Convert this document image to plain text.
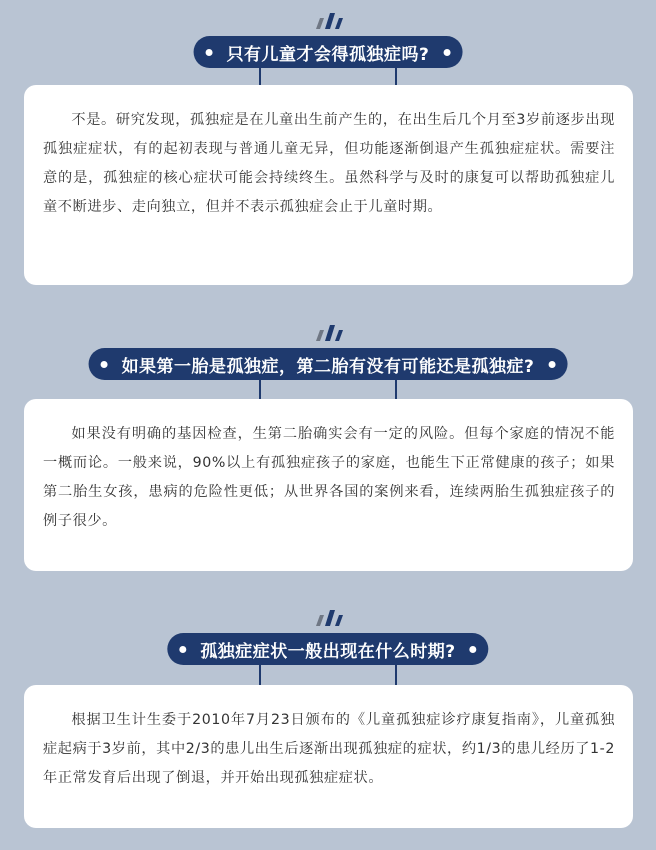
只有儿童才会得孤独症吗?

不是。研究发现，孤独症是在儿童出生前产生的，在出生后几个月至3岁前逐步出现孤独症症状，有的起初表现与普通儿童无异，但功能逐渐倒退产生孤独症症状。需要注意的是，孤独症的核心症状可能会持续终生。虽然科学与及时的康复可以帮助孤独症儿童不断进步、走向独立，但并不表示孤独症会止于儿童时期。

如果第一胎是孤独症，第二胎有没有可能还是孤独症?

如果没有明确的基因检查，生第二胎确实会有一定的风险。但每个家庭的情况不能一概而论。一般来说，90%以上有孤独症孩子的家庭，也能生下正常健康的孩子；如果第二胎生女孩，患病的危险性更低；从世界各国的案例来看，连续两胎生孤独症孩子的例子很少。

孤独症症状一般出现在什么时期?

根据卫生计生委于2010年7月23日颁布的《儿童孤独症诊疗康复指南》，儿童孤独症起病于3岁前，其中2/3的患儿出生后逐渐出现孤独症的症状，约1/3的患儿经历了1-2年正常发育后出现了倒退，并开始出现孤独症症状。
